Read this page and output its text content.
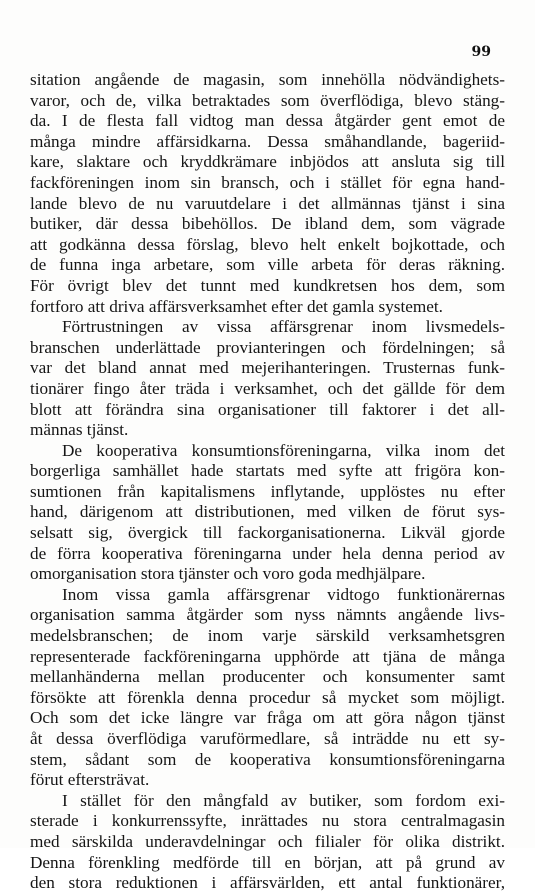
99
sitation angående de magasin, som innehölla nödvändighets-
varor, och de, vilka betraktades som överflödiga, blevo stäng-
da. I de flesta fall vidtog man dessa åtgärder gent emot de
många mindre affärsidkarna. Dessa småhandlande, bageriid-
kare, slaktare och kryddkrämare inbjödos att ansluta sig till
fackföreningen inom sin bransch, och i stället för egna hand-
lande blevo de nu varuutdelare i det allmännas tjänst i sina
butiker, där dessa bibehöllos. De ibland dem, som vägrade
att godkänna dessa förslag, blevo helt enkelt bojkottade, och
de funna inga arbetare, som ville arbeta för deras räkning.
För övrigt blev det tunnt med kundkretsen hos dem, som
fortforo att driva affärsverksamhet efter det gamla systemet.
Förtrustningen av vissa affärsgrenar inom livsmedels-
branschen underlättade provianteringen och fördelningen; så
var det bland annat med mejerihanteringen. Trusternas funk-
tionärer fingo åter träda i verksamhet, och det gällde för dem
blott att förändra sina organisationer till faktorer i det all-
männas tjänst.
De kooperativa konsumtionsföreningarna, vilka inom det
borgerliga samhället hade startats med syfte att frigöra kon-
sumtionen från kapitalismens inflytande, upplöstes nu efter
hand, därigenom att distributionen, med vilken de förut sys-
selsatt sig, övergick till fackorganisationerna. Likväl gjorde
de förra kooperativa föreningarna under hela denna period av
omorganisation stora tjänster och voro goda medhjälpare.
Inom vissa gamla affärsgrenar vidtogo funktionärernas
organisation samma åtgärder som nyss nämnts angående livs-
medelsbranschen; de inom varje särskild verksamhetsgren
representerade fackföreningarna upphörde att tjäna de många
mellanhänderna mellan producenter och konsumenter samt
försökte att förenkla denna procedur så mycket som möjligt.
Och som det icke längre var fråga om att göra någon tjänst
åt dessa överflödiga varuförmedlare, så inträdde nu ett sy-
stem, sådant som de kooperativa konsumtionsföreningarna
förut eftersträvat.
I stället för den mångfald av butiker, som fordom exi-
sterade i konkurrenssyfte, inrättades nu stora centralmagasin
med särskilda underavdelningar och filialer för olika distrikt.
Denna förenkling medförde till en början, att på grund av
den stora reduktionen i affärsvärlden, ett antal funktionärer,
